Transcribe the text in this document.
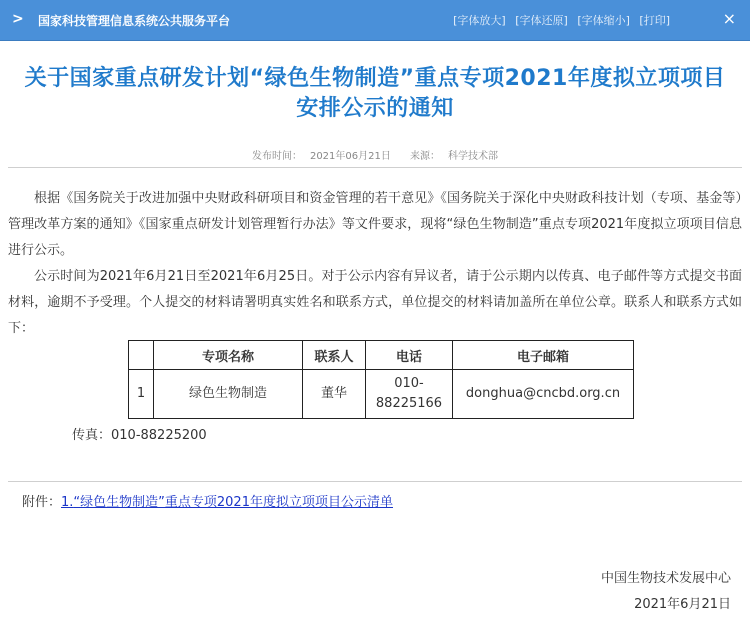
> 国家科技管理信息系统公共服务平台	[字体放大] [字体还原] [字体缩小] [打印]	×
关于国家重点研发计划“绿色生物制造”重点专项2021年度拟立项项目
安排公示的通知
发布时间： 2021年06月21日 来源： 科学技术部

根据《国务院关于改进加强中央财政科研项目和资金管理的若干意见》《国务院关于深化中央财政科技计划（专项、基金等）管理改革方案的通知》《国家重点研发计划管理暂行办法》等文件要求，现将“绿色生物制造”重点专项2021年度拟立项项目信息进行公示。

公示时间为2021年6月21日至2021年6月25日。对于公示内容有异议者，请于公示期内以传真、电子邮件等方式提交书面材料，逾期不予受理。个人提交的材料请署明真实姓名和联系方式，单位提交的材料请加盖所在单位公章。联系人和联系方式如下：

	专项名称	联系人	电话	电子邮箱
1	绿色生物制造	董华	010-
88225166	donghua@cncbd.org.cn
传真：010-88225200
附件：1.“绿色生物制造”重点专项2021年度拟立项项目公示清单
中国生物技术发展中心
2021年6月21日
